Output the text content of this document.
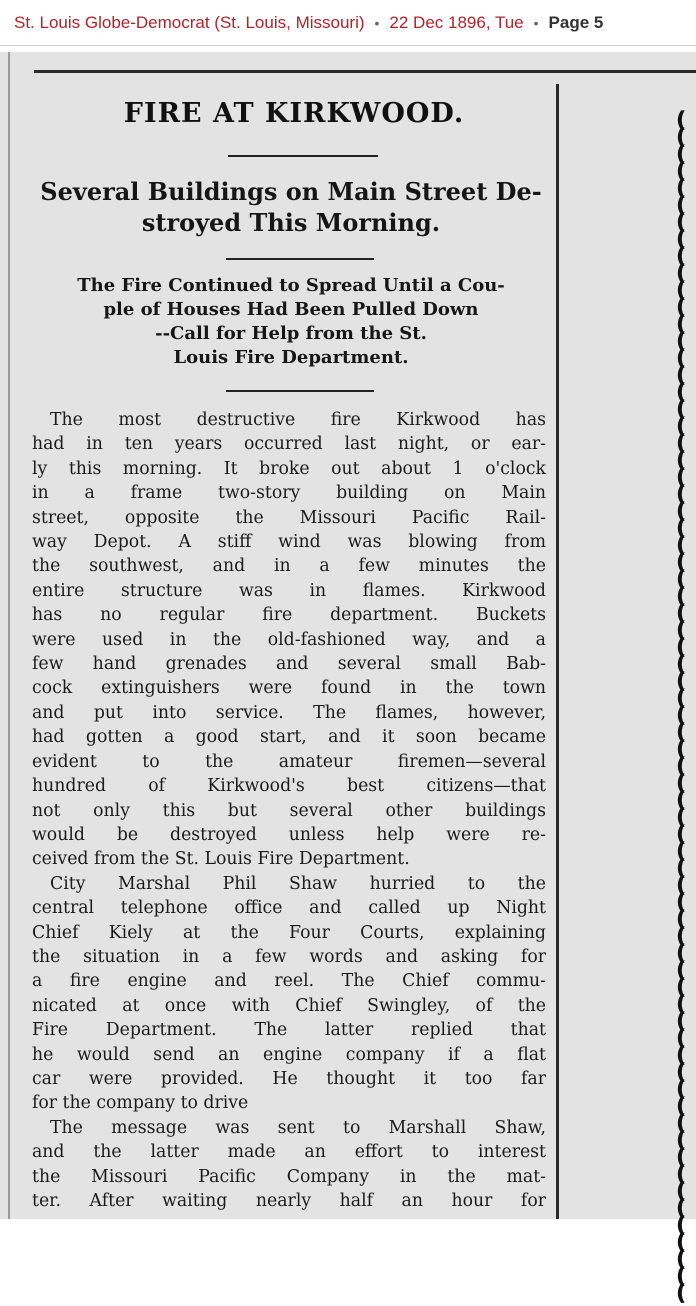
St. Louis Globe-Democrat (St. Louis, Missouri) • 22 Dec 1896, Tue • Page 5
❪
❪
❪
❪
❪
❪
❪
❪
❪
❪
❪
❪
❪
❪
❪
❪
❪
❪
❪
❪
❪
❪
❪
❪
❪
❪
❪
❪
❪
❪
❪
❪
❪
❪
❪
❪
❪
❪
❪
❪
❪
❪
❪
❪
❪
❪
❪
❪
❪
❪
❪
❪
❪
❪
❪
❪
❪
❪
❪
❪
❪
❪
❪
❪
❪
❪
❪
❪
❪
❪
FIRE AT KIRKWOOD.
Several Buildings on Main Street De-
stroyed This Morning.
The Fire Continued to Spread Until a Cou-
ple of Houses Had Been Pulled Down
--Call for Help from the St.
Louis Fire Department.
The most destructive fire Kirkwood has
had in ten years occurred last night, or ear-
ly this morning. It broke out about 1 o'clock
in a frame two-story building on Main
street, opposite the Missouri Pacific Rail-
way Depot. A stiff wind was blowing from
the southwest, and in a few minutes the
entire structure was in flames. Kirkwood
has no regular fire department. Buckets
were used in the old-fashioned way, and a
few hand grenades and several small Bab-
cock extinguishers were found in the town
and put into service. The flames, however,
had gotten a good start, and it soon became
evident to the amateur firemen—several
hundred of Kirkwood's best citizens—that
not only this but several other buildings
would be destroyed unless help were re-
ceived from the St. Louis Fire Department.
City Marshal Phil Shaw hurried to the
central telephone office and called up Night
Chief Kiely at the Four Courts, explaining
the situation in a few words and asking for
a fire engine and reel. The Chief commu-
nicated at once with Chief Swingley, of the
Fire Department. The latter replied that
he would send an engine company if a flat
car were provided. He thought it too far
for the company to drive
The message was sent to Marshall Shaw,
and the latter made an effort to interest
the Missouri Pacific Company in the mat-
ter. After waiting nearly half an hour for
